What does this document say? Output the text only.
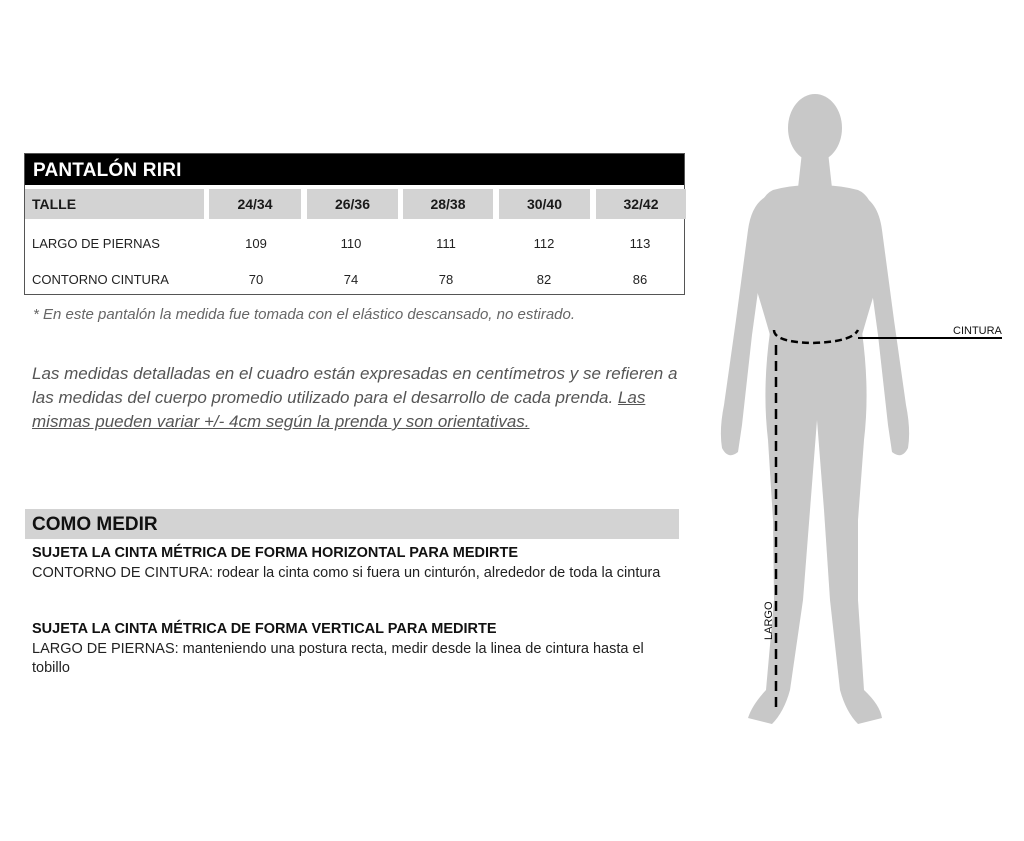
PANTALÓN RIRI
TALLE	24/34	26/36	28/38	30/40	32/42
LARGO DE PIERNAS	109	110	111	112	113
CONTORNO CINTURA	70	74	78	82	86
* En este pantalón la medida fue tomada con el elástico descansado, no estirado.
Las medidas detalladas en el cuadro están expresadas en centímetros y se refieren a las medidas del cuerpo promedio utilizado para el desarrollo de cada prenda. Las mismas pueden variar +/- 4cm según la prenda y son orientativas.
COMO MEDIR
SUJETA LA CINTA MÉTRICA DE FORMA HORIZONTAL PARA MEDIRTE
CONTORNO DE CINTURA: rodear la cinta como si fuera un cinturón, alrededor de toda la cintura
SUJETA LA CINTA MÉTRICA DE FORMA VERTICAL PARA MEDIRTE
LARGO DE PIERNAS: manteniendo una postura recta, medir desde la linea de cintura hasta el tobillo
CINTURA
LARGO
